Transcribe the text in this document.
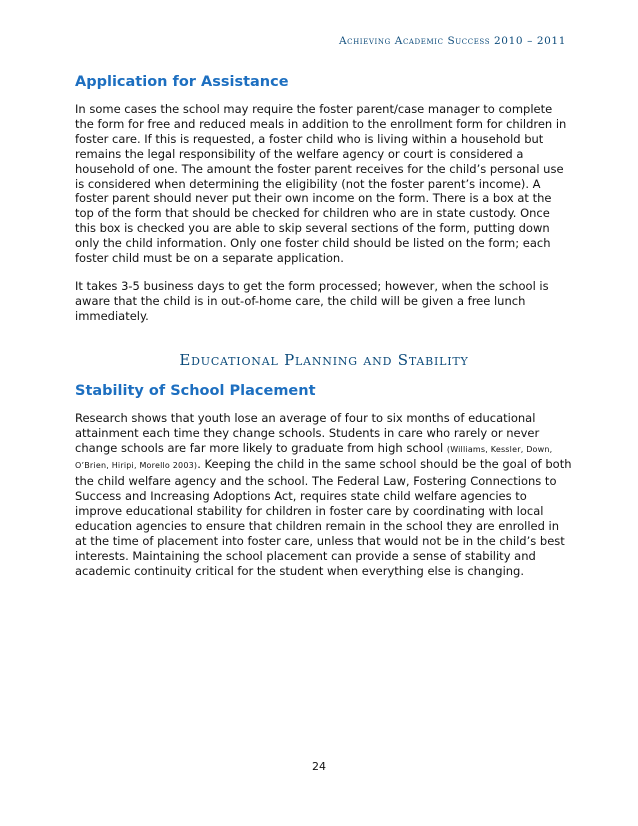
Achieving Academic Success 2010 – 2011
Application for Assistance

In some cases the school may require the foster parent/case manager to complete the form for free and reduced meals in addition to the enrollment form for children in foster care. If this is requested, a foster child who is living within a household but remains the legal responsibility of the welfare agency or court is considered a household of one. The amount the foster parent receives for the child’s personal use is considered when determining the eligibility (not the foster parent’s income). A foster parent should never put their own income on the form. There is a box at the top of the form that should be checked for children who are in state custody. Once this box is checked you are able to skip several sections of the form, putting down only the child information. Only one foster child should be listed on the form; each foster child must be on a separate application.

It takes 3-5 business days to get the form processed; however, when the school is aware that the child is in out-of-home care, the child will be given a free lunch immediately.

Educational Planning and Stability
Stability of School Placement

Research shows that youth lose an average of four to six months of educational attainment each time they change schools. Students in care who rarely or never change schools are far more likely to graduate from high school (Williams, Kessler, Down, O’Brien, Hiripi, Morello 2003). Keeping the child in the same school should be the goal of both the child welfare agency and the school. The Federal Law, Fostering Connections to Success and Increasing Adoptions Act, requires state child welfare agencies to improve educational stability for children in foster care by coordinating with local education agencies to ensure that children remain in the school they are enrolled in at the time of placement into foster care, unless that would not be in the child’s best interests. Maintaining the school placement can provide a sense of stability and academic continuity critical for the student when everything else is changing.

24
